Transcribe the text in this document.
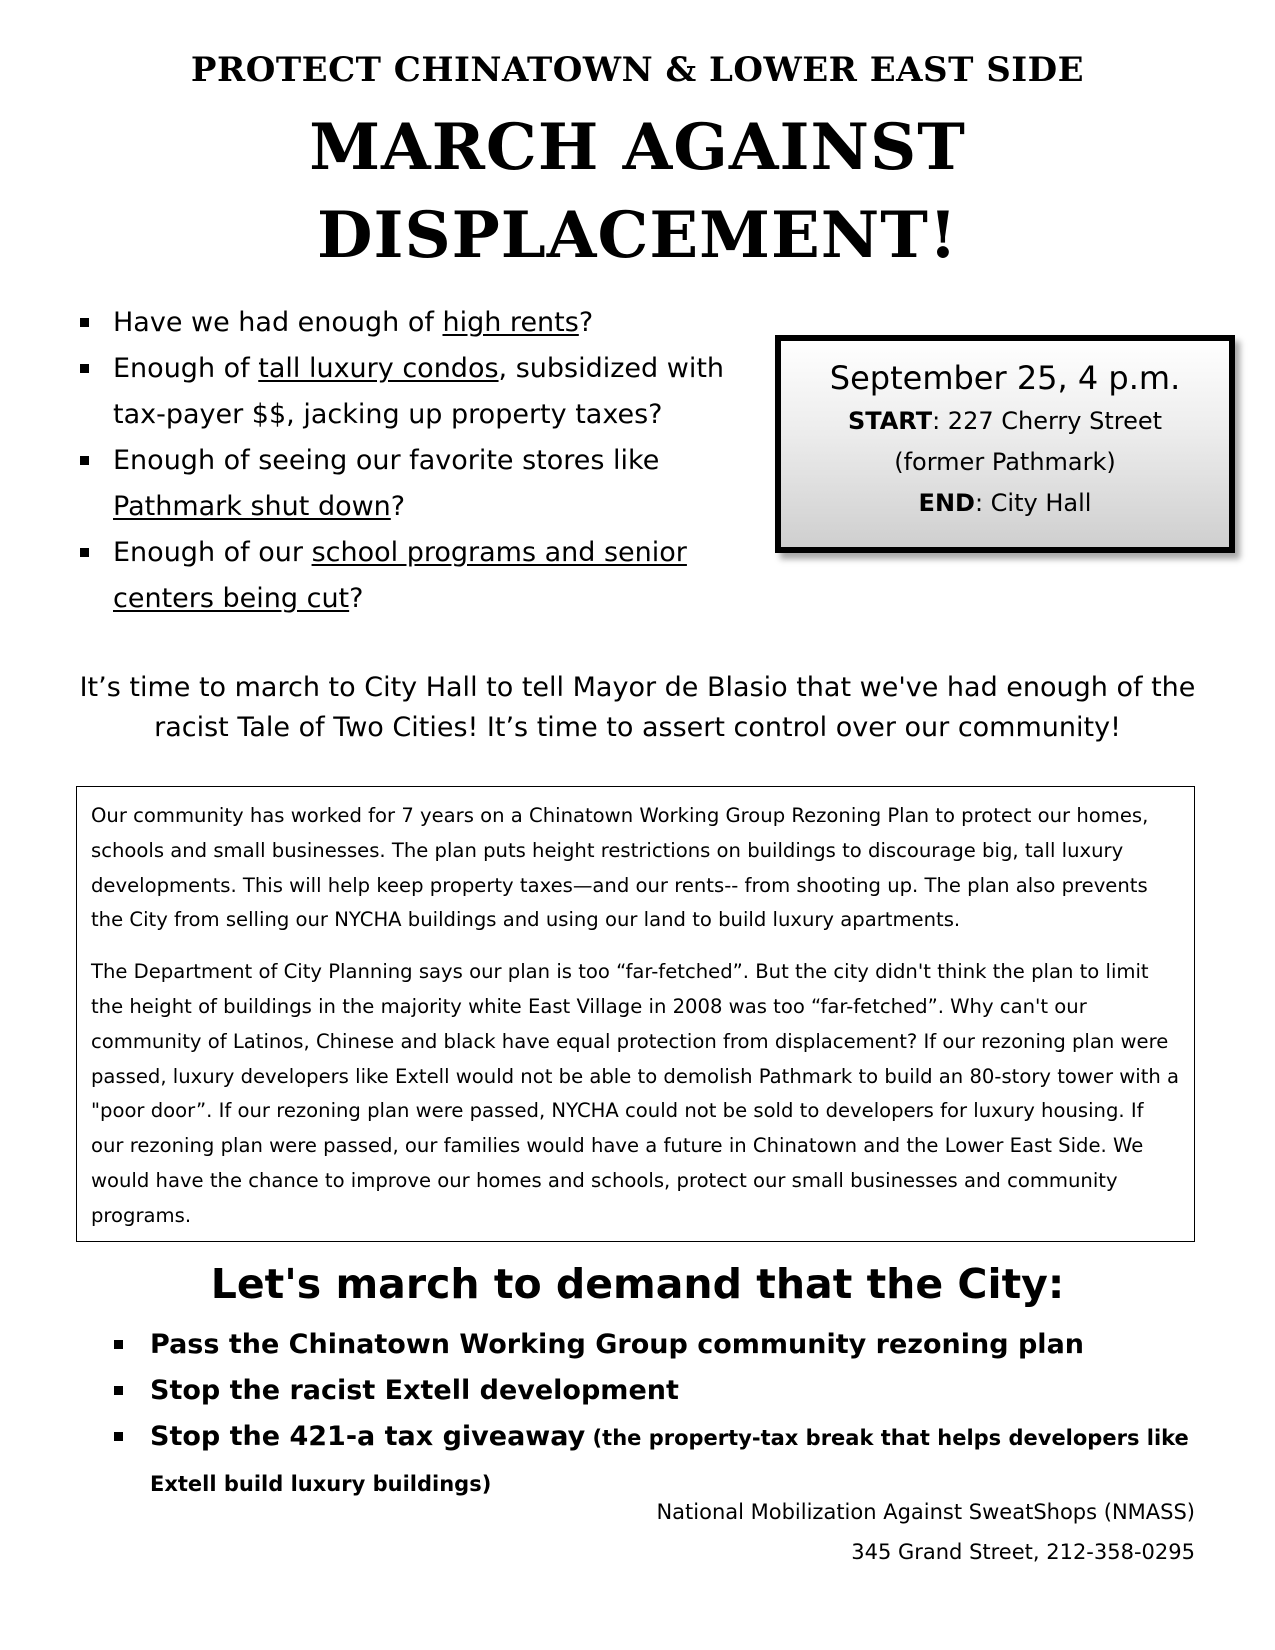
PROTECT CHINATOWN & LOWER EAST SIDE
MARCH AGAINST
DISPLACEMENT!
Have we had enough of high rents?
Enough of tall luxury condos, subsidized with tax-payer $$, jacking up property taxes?
Enough of seeing our favorite stores like Pathmark shut down?
Enough of our school programs and senior centers being cut?
September 25, 4 p.m.
START: 227 Cherry Street
(former Pathmark)
END: City Hall
It’s time to march to City Hall to tell Mayor de Blasio that we've had enough of the racist Tale of Two Cities! It’s time to assert control over our community!

Our community has worked for 7 years on a Chinatown Working Group Rezoning Plan to protect our homes, schools and small businesses. The plan puts height restrictions on buildings to discourage big, tall luxury developments. This will help keep property taxes—and our rents-- from shooting up. The plan also prevents the City from selling our NYCHA buildings and using our land to build luxury apartments.

The Department of City Planning says our plan is too “far-fetched”. But the city didn't think the plan to limit the height of buildings in the majority white East Village in 2008 was too “far-fetched”. Why can't our community of Latinos, Chinese and black have equal protection from displacement? If our rezoning plan were passed, luxury developers like Extell would not be able to demolish Pathmark to build an 80-story tower with a "poor door”. If our rezoning plan were passed, NYCHA could not be sold to developers for luxury housing. If our rezoning plan were passed, our families would have a future in Chinatown and the Lower East Side. We would have the chance to improve our homes and schools, protect our small businesses and community programs.

Let's march to demand that the City:
Pass the Chinatown Working Group community rezoning plan
Stop the racist Extell development
Stop the 421-a tax giveaway (the property-tax break that helps developers like Extell build luxury buildings)
National Mobilization Against SweatShops (NMASS)
345 Grand Street, 212-358-0295
